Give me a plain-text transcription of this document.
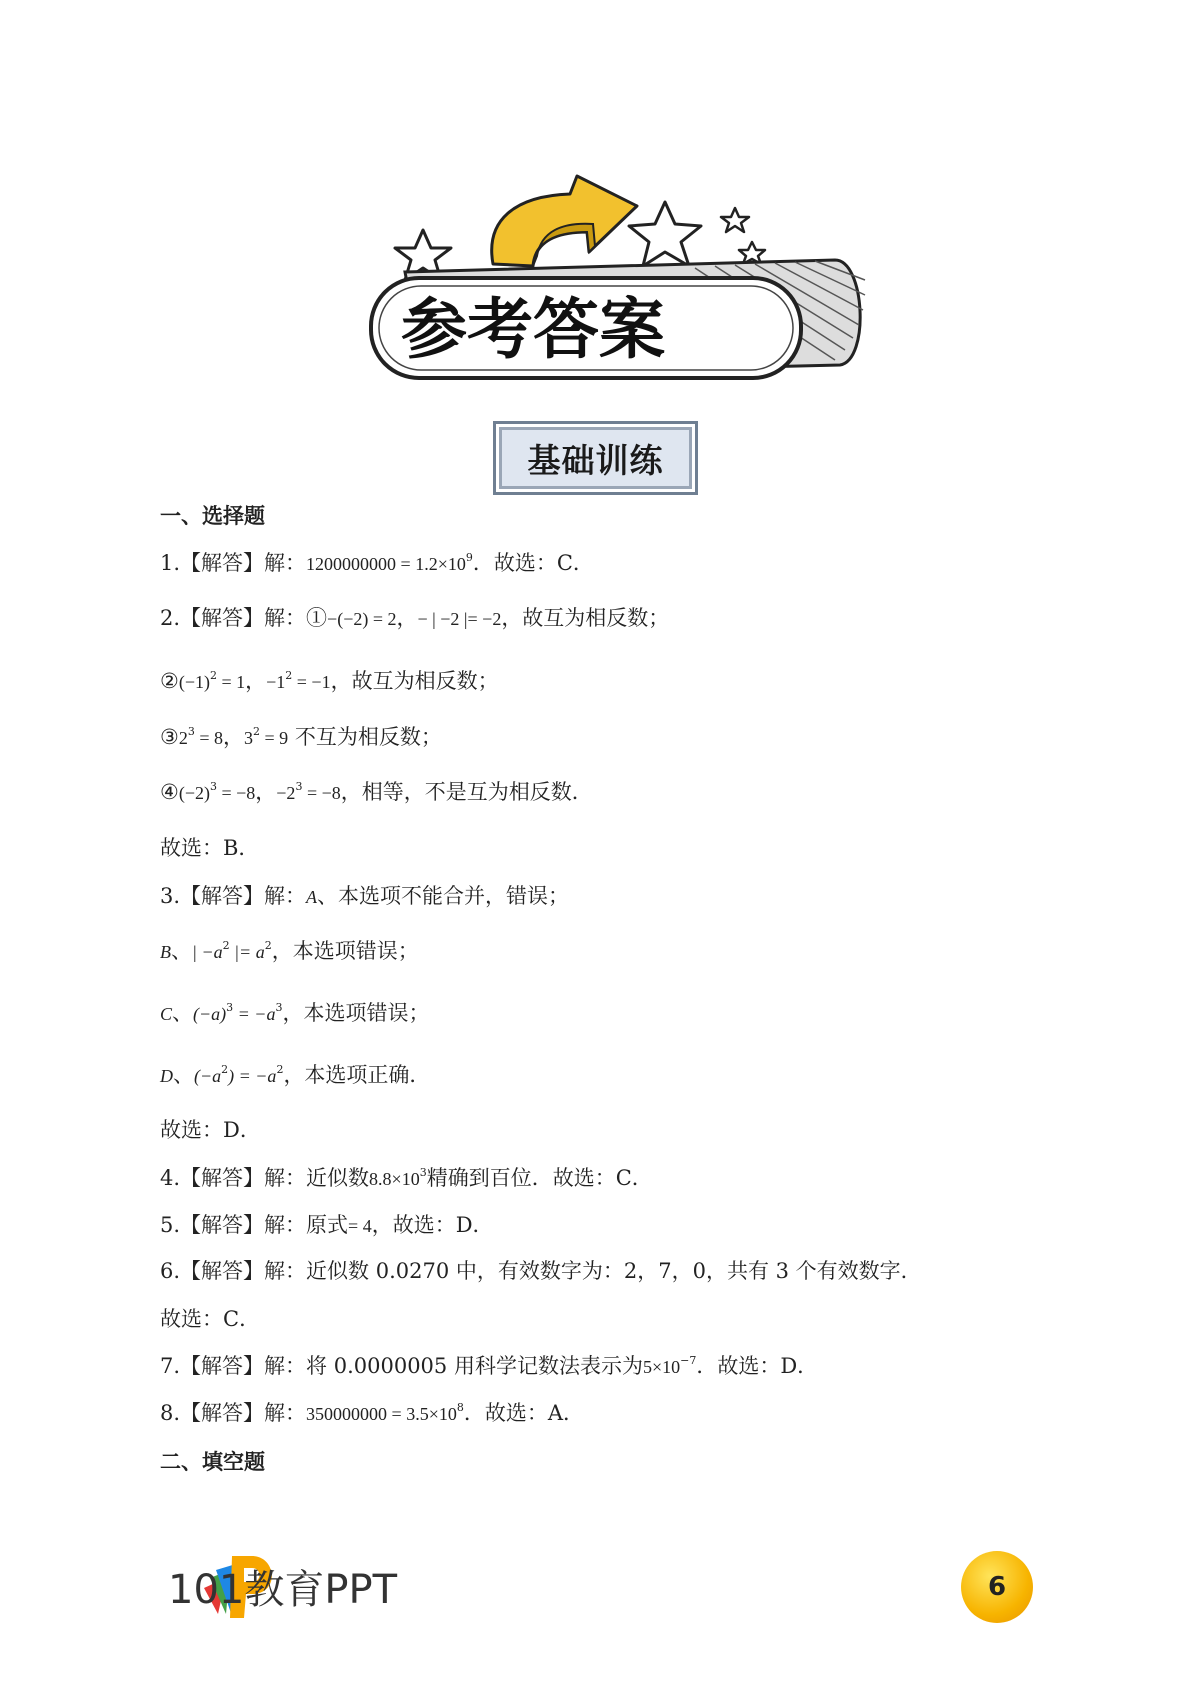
参考答案
基础训练
一、选择题
1.【解答】解：$1200000000 = 1.2\times 10^9$．故选：C．
2.【解答】解：①−(−2) = 2，− | −2 |= −2，故互为相反数；
$②(-1)^2 = 1$，$-1^2 = -1$，故互为相反数；
$③2^3 = 8$，$3^2 = 9$ 不互为相反数；
$④(-2)^3 = -8$，$-2^3 = -8$，相等，不是互为相反数．
故选：B．
3.【解答】解：A、本选项不能合并，错误；
B、| $-a^2$ |= $a^2$，本选项错误；
C、$(-a)^3 = -a^3$，本选项错误；
D、$(-a^2) = -a^2$，本选项正确．
故选：D．
4.【解答】解：近似数$8.8\times 10^3$精确到百位．故选：C．
5.【解答】解：原式= 4，故选：D．
6.【解答】解：近似数 0.0270 中，有效数字为：2，7，0，共有 3 个有效数字．
故选：C．
7.【解答】解：将 0.0000005 用科学记数法表示为$5\times 10^{-7}$．故选：D．
8.【解答】解：$350000000 = 3.5\times 10^8$．故选：A．
二、填空题
101教育PPT	6
